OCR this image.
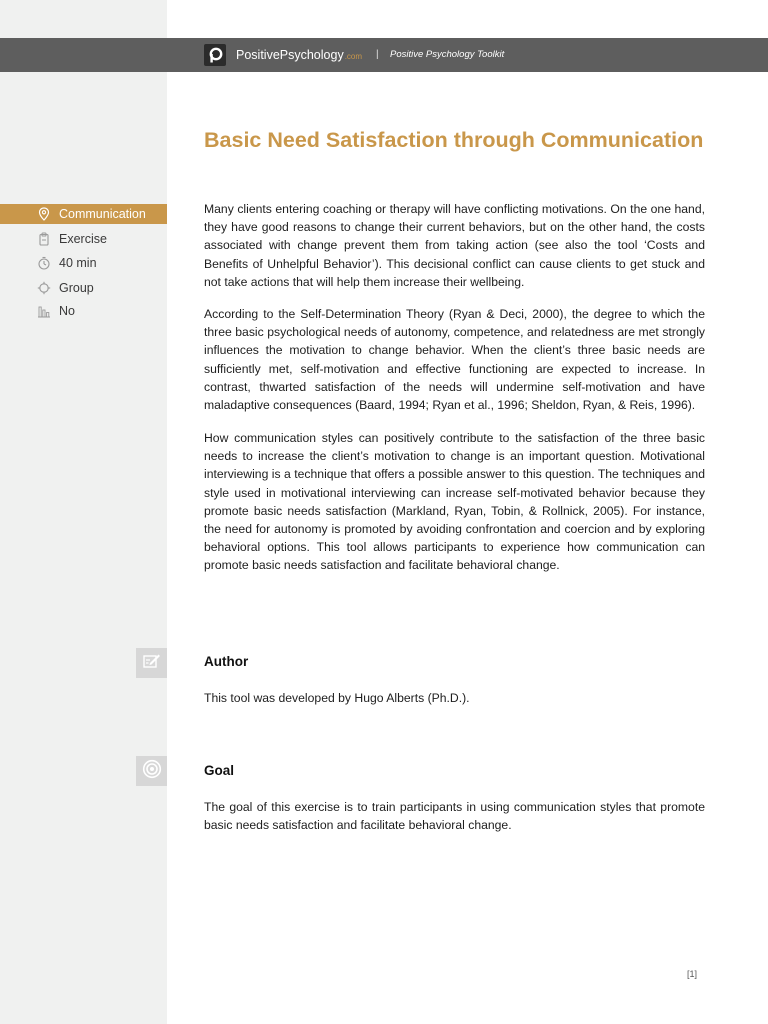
PositivePsychology.com | Positive Psychology Toolkit
Basic Need Satisfaction through Communication
Communication
Exercise
40 min
Group
No

Many clients entering coaching or therapy will have conflicting motivations. On the one hand, they have good reasons to change their current behaviors, but on the other hand, the costs associated with change prevent them from taking action (see also the tool ‘Costs and Benefits of Unhelpful Behavior’). This decisional conflict can cause clients to get stuck and not take actions that will help them increase their wellbeing.

According to the Self-Determination Theory (Ryan & Deci, 2000), the degree to which the three basic psychological needs of autonomy, competence, and relatedness are met strongly influences the motivation to change behavior. When the client’s three basic needs are sufficiently met, self-motivation and effective functioning are expected to increase. In contrast, thwarted satisfaction of the needs will undermine self-motivation and have maladaptive consequences (Baard, 1994; Ryan et al., 1996; Sheldon, Ryan, & Reis, 1996).

How communication styles can positively contribute to the satisfaction of the three basic needs to increase the client’s motivation to change is an important question. Motivational interviewing is a technique that offers a possible answer to this question. The techniques and style used in motivational interviewing can increase self-motivated behavior because they promote basic needs satisfaction (Markland, Ryan, Tobin, & Rollnick, 2005). For instance, the need for autonomy is promoted by avoiding confrontation and coercion and by exploring behavioral options. This tool allows participants to experience how communication can promote basic needs satisfaction and facilitate behavioral change.

Author

This tool was developed by Hugo Alberts (Ph.D.).

Goal

The goal of this exercise is to train participants in using communication styles that promote basic needs satisfaction and facilitate behavioral change.

[1]
